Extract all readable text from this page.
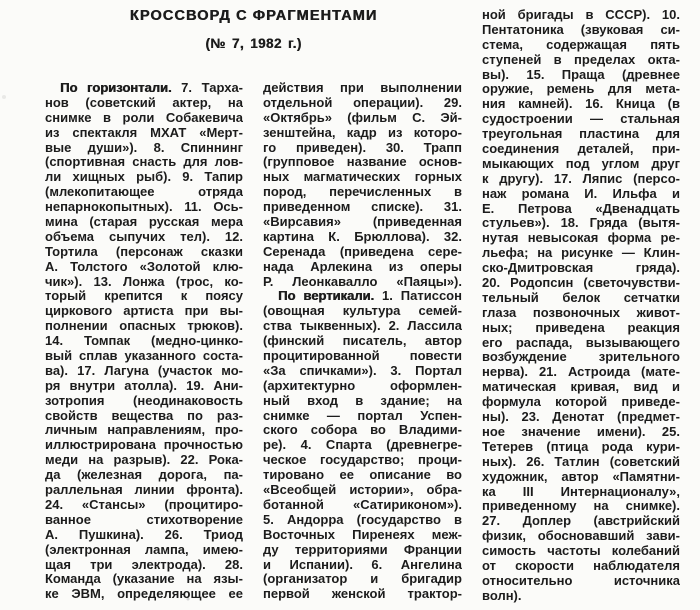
КРОССВОРД С ФРАГМЕНТАМИ
(№ 7, 1982 г.)
По горизонтали. 7. Тарха-
нов (советский актер, на
снимке в роли Собакевича
из спектакля МХАТ «Мерт-
вые души»). 8. Спиннинг
(спортивная снасть для лов-
ли хищных рыб). 9. Тапир
(млекопитающее отряда
непарнокопытных). 11. Ось-
мина (старая русская мера
объема сыпучих тел). 12.
Тортила (персонаж сказки
А. Толстого «Золотой клю-
чик»). 13. Лонжа (трос, ко-
торый крепится к поясу
циркового артиста при вы-
полнении опасных трюков).
14. Томпак (медно-цинко-
вый сплав указанного соста-
ва). 17. Лагуна (участок мо-
ря внутри атолла). 19. Ани-
зотропия (неодинаковость
свойств вещества по раз-
личным направлениям, про-
иллюстрирована прочностью
меди на разрыв). 22. Рока-
да (железная дорога, па-
раллельная линии фронта).
24. «Стансы» (процитиро-
ванное стихотворение
А. Пушкина). 26. Триод
(электронная лампа, имею-
щая три электрода). 28.
Команда (указание на язы-
ке ЭВМ, определяющее ее
действия при выполнении
отдельной операции). 29.
«Октябрь» (фильм С. Эй-
зенштейна, кадр из которо-
го приведен). 30. Трапп
(групповое название основ-
ных магматических горных
пород, перечисленных в
приведенном списке). 31.
«Вирсавия» (приведенная
картина К. Брюллова). 32.
Серенада (приведена сере-
нада Арлекина из оперы
Р. Леонкавалло «Паяцы»).
По вертикали. 1. Патиссон
(овощная культура семей-
ства тыквенных). 2. Лассила
(финский писатель, автор
процитированной повести
«За спичками»). 3. Портал
(архитектурно оформлен-
ный вход в здание; на
снимке — портал Успен-
ского собора во Владими-
ре). 4. Спарта (древнегре-
ческое государство; проци-
тировано ее описание во
«Всеобщей истории», обра-
ботанной «Сатириконом»).
5. Андорра (государство в
Восточных Пиренеях меж-
ду территориями Франции
и Испании). 6. Ангелина
(организатор и бригадир
первой женской трактор-
ной бригады в СССР). 10.
Пентатоника (звуковая си-
стема, содержащая пять
ступеней в пределах окта-
вы). 15. Праща (древнее
оружие, ремень для мета-
ния камней). 16. Кница (в
судостроении — стальная
треугольная пластина для
соединения деталей, при-
мыкающих под углом друг
к другу). 17. Ляпис (персо-
наж романа И. Ильфа и
Е. Петрова «Двенадцать
стульев»). 18. Гряда (вытя-
нутая невысокая форма ре-
льефа; на рисунке — Клин-
ско-Дмитровская гряда).
20. Родопсин (светочувстви-
тельный белок сетчатки
глаза позвоночных живот-
ных; приведена реакция
его распада, вызывающего
возбуждение зрительного
нерва). 21. Астроида (мате-
матическая кривая, вид и
формула которой приведе-
ны). 23. Денотат (предмет-
ное значение имени). 25.
Тетерев (птица рода кури-
ных). 26. Татлин (советский
художник, автор «Памятни-
ка III Интернационалу»,
приведенному на снимке).
27. Доплер (австрийский
физик, обосновавший зави-
симость частоты колебаний
от скорости наблюдателя
относительно источника
волн).
